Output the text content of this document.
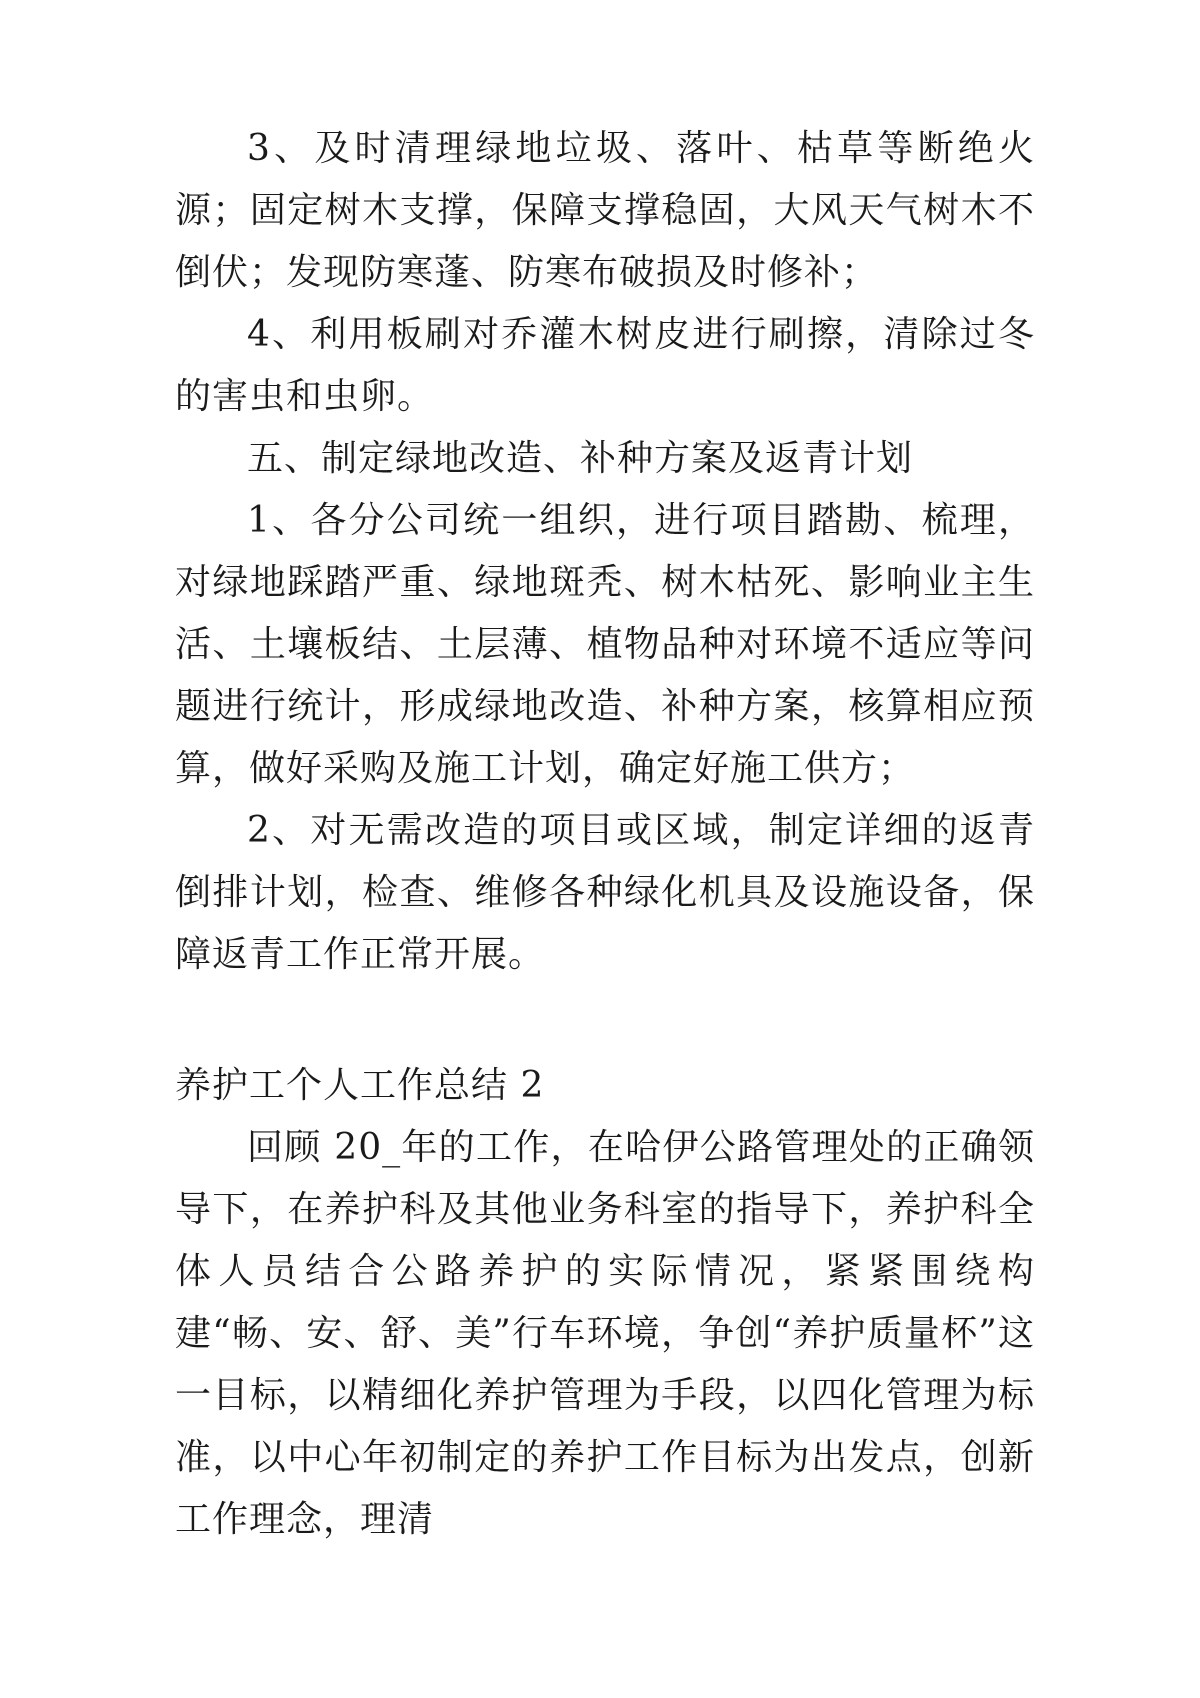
3、及时清理绿地垃圾、落叶、枯草等断绝火源；固定树木支撑，保障支撑稳固，大风天气树木不倒伏；发现防寒蓬、防寒布破损及时修补；

4、利用板刷对乔灌木树皮进行刷擦，清除过冬的害虫和虫卵。

五、制定绿地改造、补种方案及返青计划

1、各分公司统一组织，进行项目踏勘、梳理，对绿地踩踏严重、绿地斑秃、树木枯死、影响业主生活、土壤板结、土层薄、植物品种对环境不适应等问题进行统计，形成绿地改造、补种方案，核算相应预算，做好采购及施工计划，确定好施工供方；

2、对无需改造的项目或区域，制定详细的返青倒排计划，检查、维修各种绿化机具及设施设备，保障返青工作正常开展。

养护工个人工作总结 2

回顾 20_年的工作，在哈伊公路管理处的正确领导下，在养护科及其他业务科室的指导下，养护科全体人员结合公路养护的实际情况，紧紧围绕构建“畅、安、舒、美”行车环境，争创“养护质量杯”这一目标，以精细化养护管理为手段，以四化管理为标准，以中心年初制定的养护工作目标为出发点，创新工作理念，理清
